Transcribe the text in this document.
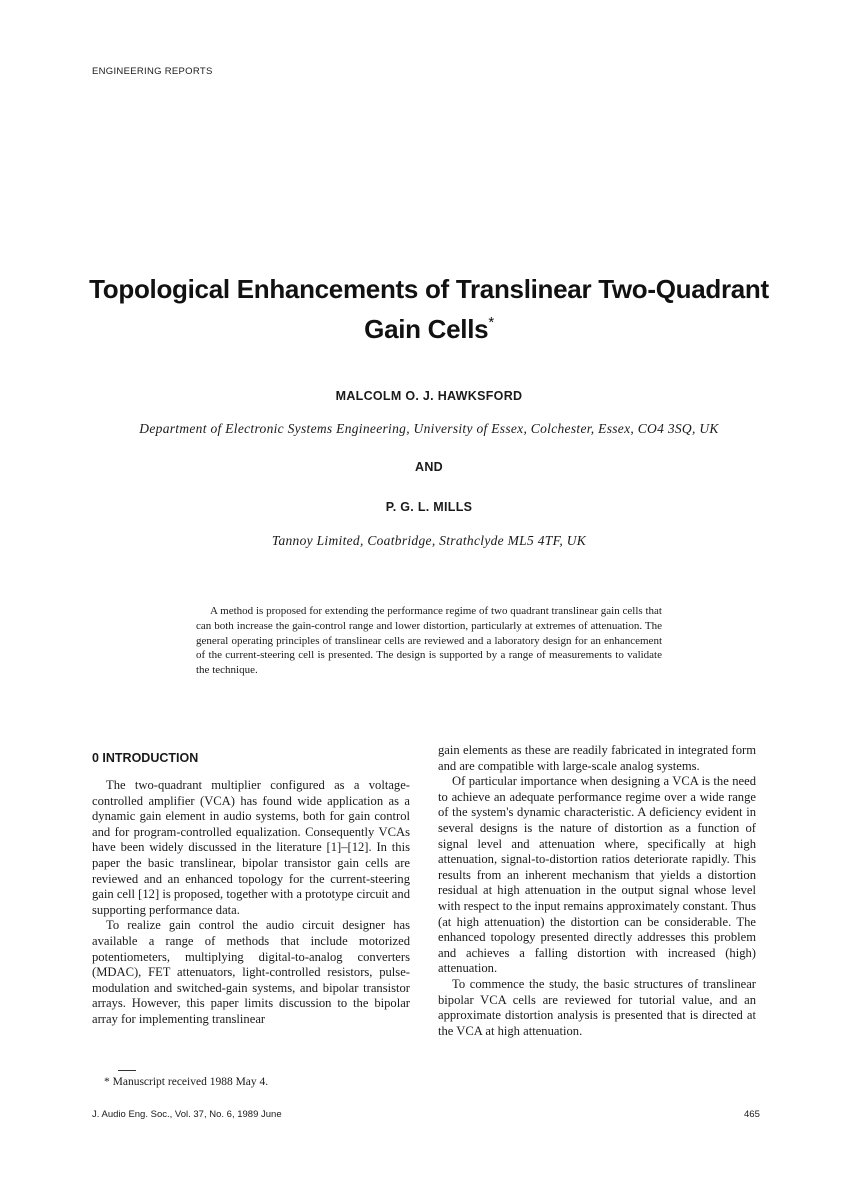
ENGINEERING REPORTS
Topological Enhancements of Translinear Two-Quadrant
Gain Cells*
MALCOLM O. J. HAWKSFORD
Department of Electronic Systems Engineering, University of Essex, Colchester, Essex, CO4 3SQ, UK
AND
P. G. L. MILLS
Tannoy Limited, Coatbridge, Strathclyde ML5 4TF, UK

A method is proposed for extending the performance regime of two quadrant translinear gain cells that can both increase the gain-control range and lower distortion, particularly at extremes of attenuation. The general operating principles of translinear cells are reviewed and a laboratory design for an enhancement of the current-steering cell is presented. The design is supported by a range of measurements to validate the technique.

0 INTRODUCTION

The two-quadrant multiplier configured as a voltage-controlled amplifier (VCA) has found wide application as a dynamic gain element in audio systems, both for gain control and for program-controlled equalization. Consequently VCAs have been widely discussed in the literature [1]–[12]. In this paper the basic translinear, bipolar transistor gain cells are reviewed and an enhanced topology for the current-steering gain cell [12] is proposed, together with a prototype circuit and supporting performance data.

To realize gain control the audio circuit designer has available a range of methods that include motorized potentiometers, multiplying digital-to-analog converters (MDAC), FET attenuators, light-controlled resistors, pulse-modulation and switched-gain systems, and bipolar transistor arrays. However, this paper limits discussion to the bipolar array for implementing translinear

gain elements as these are readily fabricated in integrated form and are compatible with large-scale analog systems.

Of particular importance when designing a VCA is the need to achieve an adequate performance regime over a wide range of the system's dynamic characteristic. A deficiency evident in several designs is the nature of distortion as a function of signal level and attenuation where, specifically at high attenuation, signal-to-distortion ratios deteriorate rapidly. This results from an inherent mechanism that yields a distortion residual at high attenuation in the output signal whose level with respect to the input remains approximately constant. Thus (at high attenuation) the distortion can be considerable. The enhanced topology presented directly addresses this problem and achieves a falling distortion with increased (high) attenuation.

To commence the study, the basic structures of translinear bipolar VCA cells are reviewed for tutorial value, and an approximate distortion analysis is presented that is directed at the VCA at high attenuation.

* Manuscript received 1988 May 4.
J. Audio Eng. Soc., Vol. 37, No. 6, 1989 June	465
